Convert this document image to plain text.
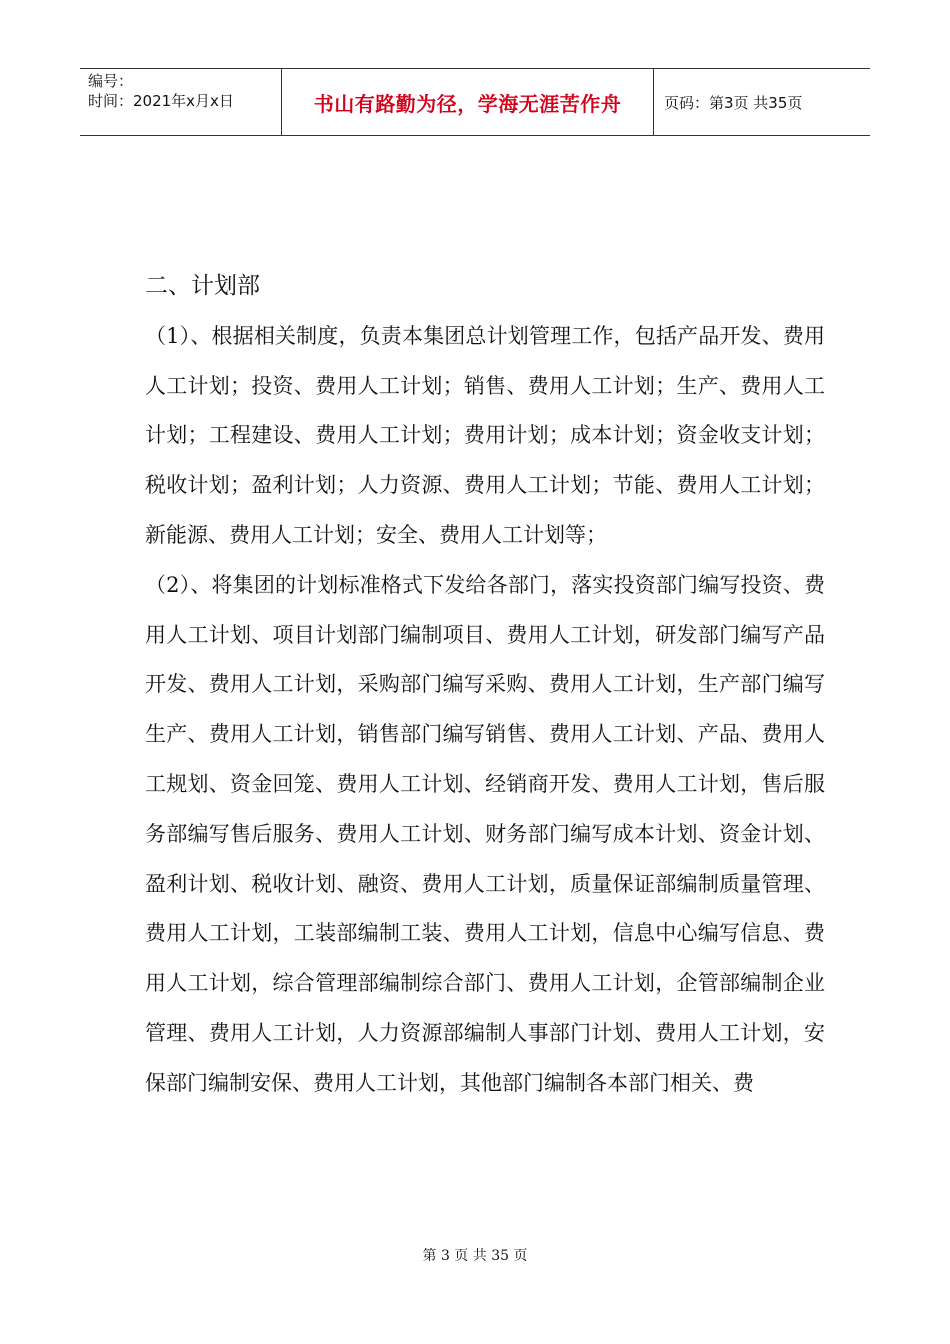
编号：
时间：2021年x月x日	书山有路勤为径，学海无涯苦作舟	页码：第3页 共35页
二、计划部

（1）、根据相关制度，负责本集团总计划管理工作，包括产品开发、费用人工计划；投资、费用人工计划；销售、费用人工计划；生产、费用人工计划；工程建设、费用人工计划；费用计划；成本计划；资金收支计划；税收计划；盈利计划；人力资源、费用人工计划；节能、费用人工计划；新能源、费用人工计划；安全、费用人工计划等；

（2）、将集团的计划标准格式下发给各部门，落实投资部门编写投资、费用人工计划、项目计划部门编制项目、费用人工计划，研发部门编写产品开发、费用人工计划，采购部门编写采购、费用人工计划，生产部门编写生产、费用人工计划，销售部门编写销售、费用人工计划、产品、费用人工规划、资金回笼、费用人工计划、经销商开发、费用人工计划，售后服务部编写售后服务、费用人工计划、财务部门编写成本计划、资金计划、盈利计划、税收计划、融资、费用人工计划，质量保证部编制质量管理、费用人工计划，工装部编制工装、费用人工计划，信息中心编写信息、费用人工计划，综合管理部编制综合部门、费用人工计划，企管部编制企业管理、费用人工计划，人力资源部编制人事部门计划、费用人工计划，安保部门编制安保、费用人工计划，其他部门编制各本部门相关、费

第 3 页 共 35 页
